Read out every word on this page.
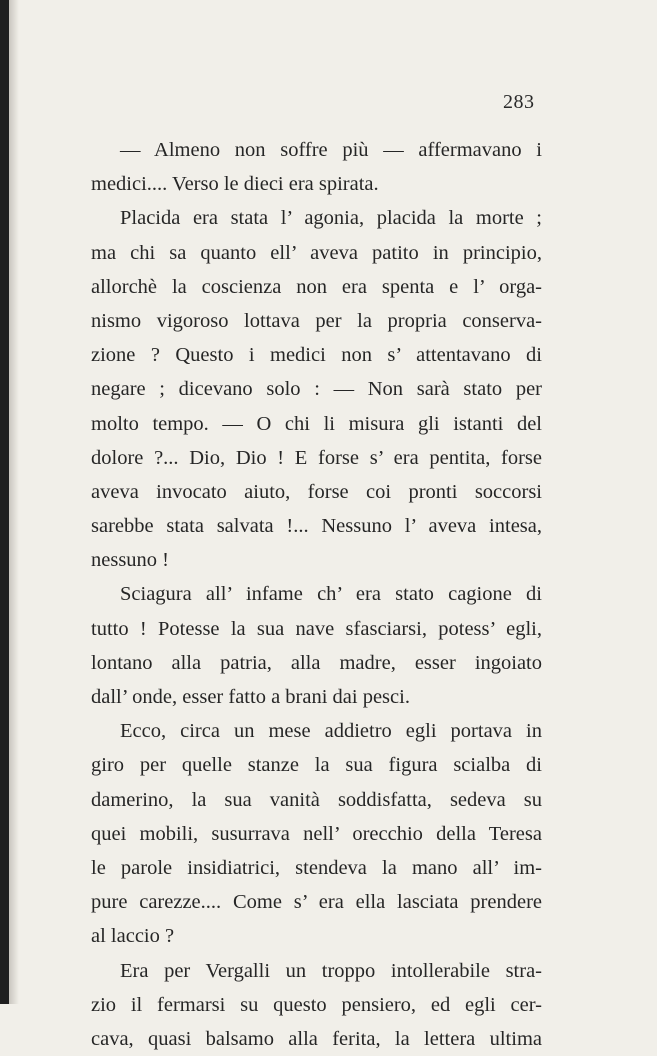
283
— Almeno non soffre più — affermavano i
medici.... Verso le dieci era spirata.
Placida era stata l’ agonia, placida la morte ;
ma chi sa quanto ell’ aveva patito in principio,
allorchè la coscienza non era spenta e l’ orga-
nismo vigoroso lottava per la propria conserva-
zione ? Questo i medici non s’ attentavano di
negare ; dicevano solo : — Non sarà stato per
molto tempo. — O chi li misura gli istanti del
dolore ?... Dio, Dio ! E forse s’ era pentita, forse
aveva invocato aiuto, forse coi pronti soccorsi
sarebbe stata salvata !... Nessuno l’ aveva intesa,
nessuno !
Sciagura all’ infame ch’ era stato cagione di
tutto ! Potesse la sua nave sfasciarsi, potess’ egli,
lontano alla patria, alla madre, esser ingoiato
dall’ onde, esser fatto a brani dai pesci.
Ecco, circa un mese addietro egli portava in
giro per quelle stanze la sua figura scialba di
damerino, la sua vanità soddisfatta, sedeva su
quei mobili, susurrava nell’ orecchio della Teresa
le parole insidiatrici, stendeva la mano all’ im-
pure carezze.... Come s’ era ella lasciata prendere
al laccio ?
Era per Vergalli un troppo intollerabile stra-
zio il fermarsi su questo pensiero, ed egli cer-
cava, quasi balsamo alla ferita, la lettera ultima
